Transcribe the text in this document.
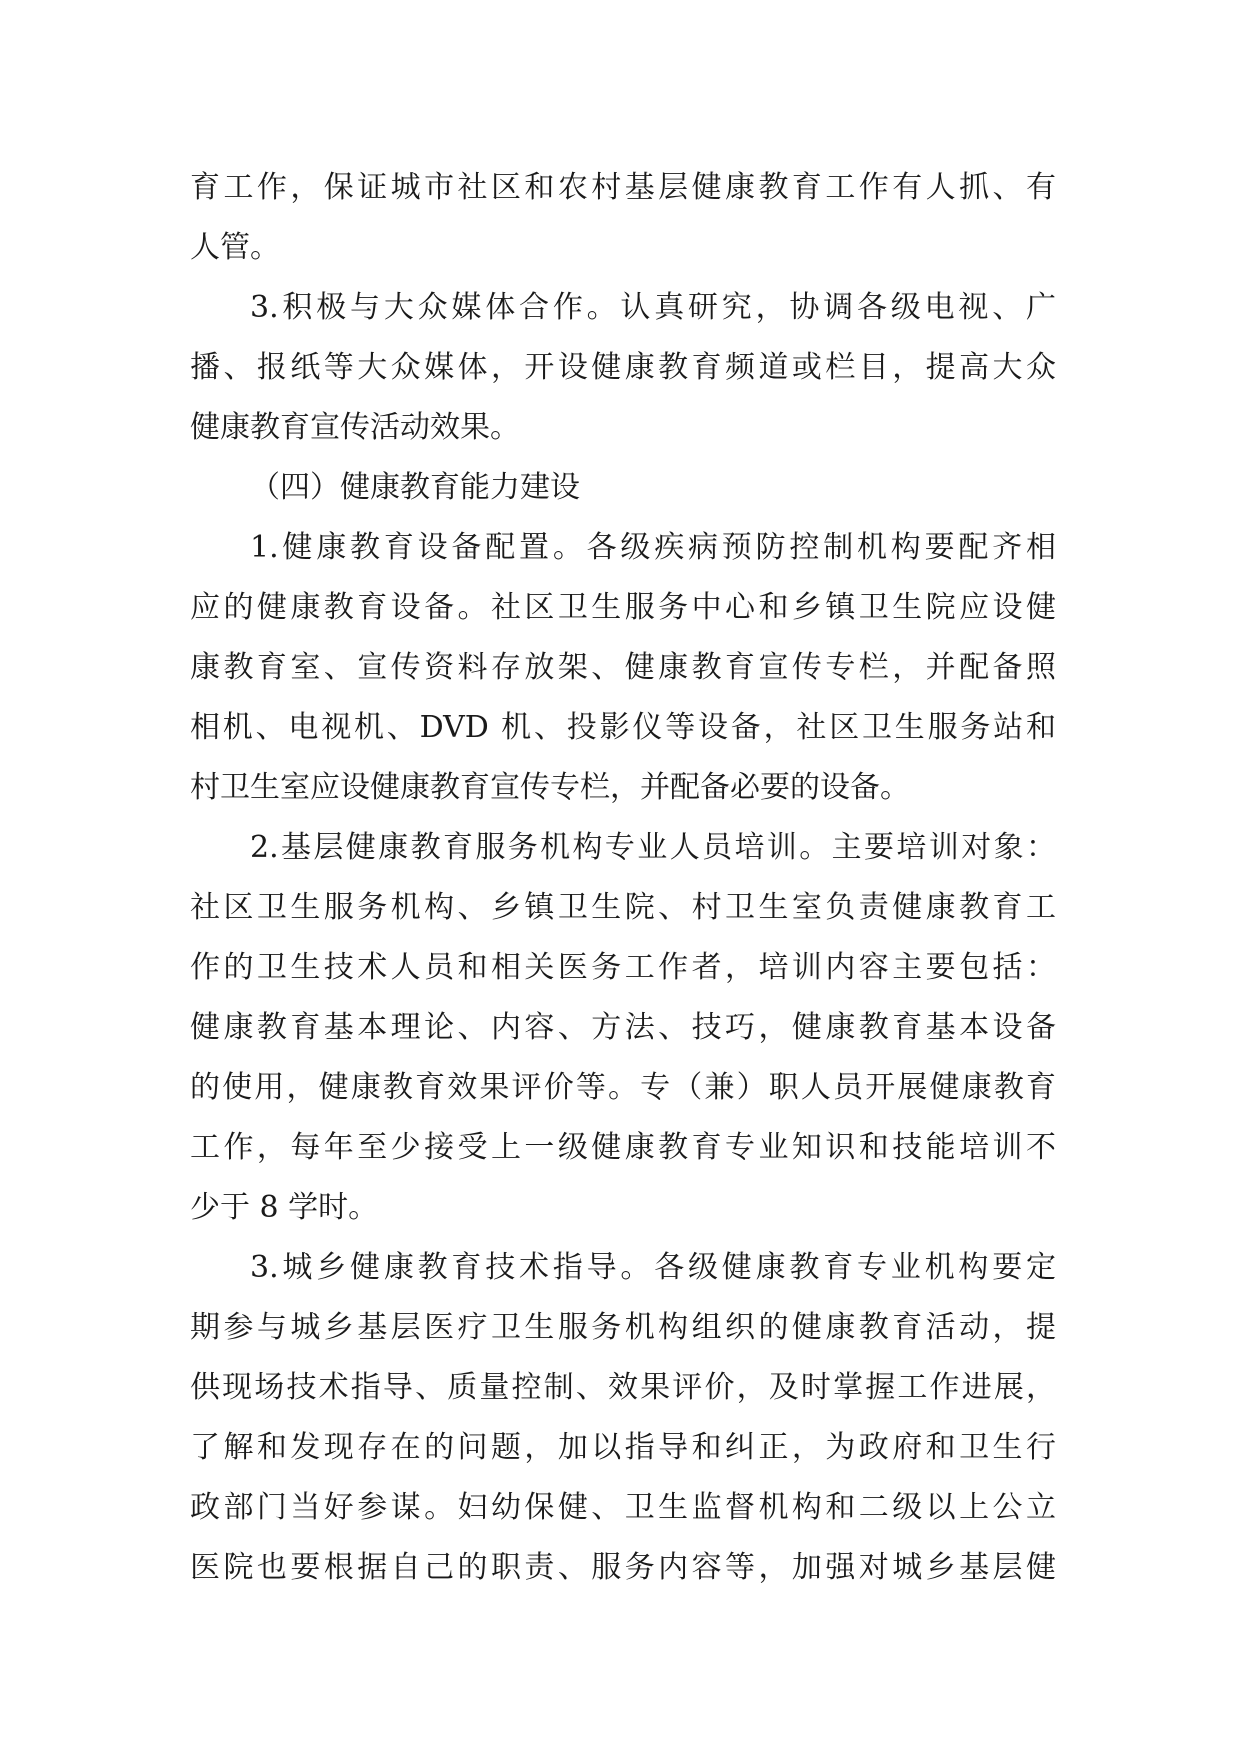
育工作，保证城市社区和农村基层健康教育工作有人抓、有
人管。
3.积极与大众媒体合作。认真研究，协调各级电视、广
播、报纸等大众媒体，开设健康教育频道或栏目，提高大众
健康教育宣传活动效果。
（四）健康教育能力建设
1.健康教育设备配置。各级疾病预防控制机构要配齐相
应的健康教育设备。社区卫生服务中心和乡镇卫生院应设健
康教育室、宣传资料存放架、健康教育宣传专栏，并配备照
相机、电视机、DVD 机、投影仪等设备，社区卫生服务站和
村卫生室应设健康教育宣传专栏，并配备必要的设备。
2.基层健康教育服务机构专业人员培训。主要培训对象：
社区卫生服务机构、乡镇卫生院、村卫生室负责健康教育工
作的卫生技术人员和相关医务工作者，培训内容主要包括：
健康教育基本理论、内容、方法、技巧，健康教育基本设备
的使用，健康教育效果评价等。专（兼）职人员开展健康教育
工作，每年至少接受上一级健康教育专业知识和技能培训不
少于 8 学时。
3.城乡健康教育技术指导。各级健康教育专业机构要定
期参与城乡基层医疗卫生服务机构组织的健康教育活动，提
供现场技术指导、质量控制、效果评价，及时掌握工作进展，
了解和发现存在的问题，加以指导和纠正，为政府和卫生行
政部门当好参谋。妇幼保健、卫生监督机构和二级以上公立
医院也要根据自己的职责、服务内容等，加强对城乡基层健
